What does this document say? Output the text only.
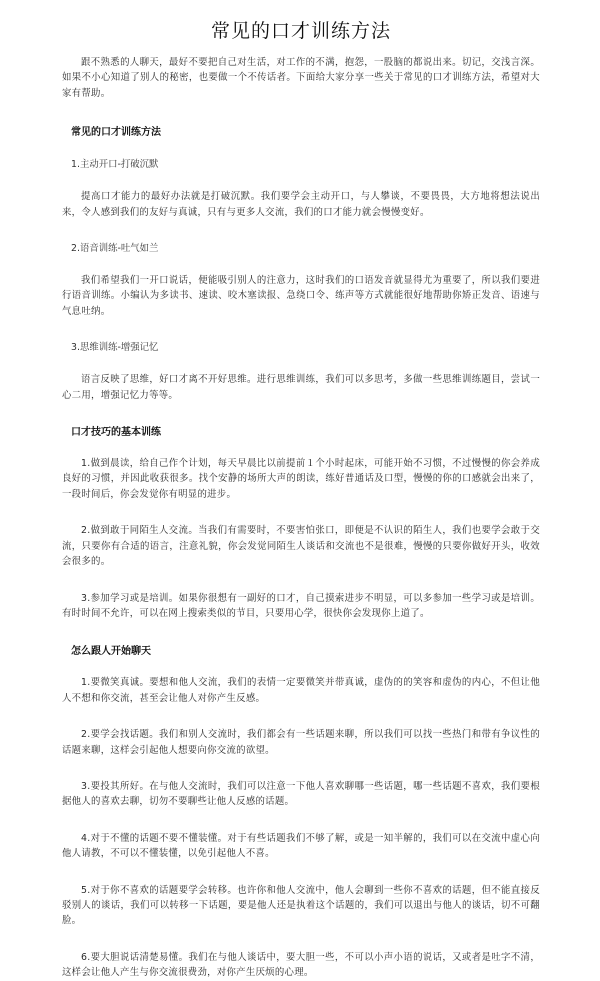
常见的口才训练方法

跟不熟悉的人聊天，最好不要把自己对生活，对工作的不满，抱怨，一股脑的都说出来。切记，交浅言深。如果不小心知道了别人的秘密，也要做一个不传话者。下面给大家分享一些关于常见的口才训练方法，希望对大家有帮助。

常见的口才训练方法
1.主动开口-打破沉默

提高口才能力的最好办法就是打破沉默。我们要学会主动开口，与人攀谈，不要畏畏，大方地将想法说出来，令人感到我们的友好与真诚，只有与更多人交流，我们的口才能力就会慢慢变好。

2.语音训练-吐气如兰

我们希望我们一开口说话，便能吸引别人的注意力，这时我们的口语发音就显得尤为重要了，所以我们要进行语音训练。小编认为多读书、速读、咬木塞读报、急绕口令、练声等方式就能很好地帮助你矫正发音、语速与气息吐纳。

3.思维训练-增强记忆

语言反映了思维，好口才离不开好思维。进行思维训练，我们可以多思考，多做一些思维训练题目，尝试一心二用，增强记忆力等等。

口才技巧的基本训练

1.做到晨读，给自己作个计划，每天早晨比以前提前１个小时起床，可能开始不习惯，不过慢慢的你会养成良好的习惯，并因此收获很多。找个安静的场所大声的朗读，练好普通话及口型，慢慢的你的口感就会出来了，一段时间后，你会发觉你有明显的进步。

2.做到敢于同陌生人交流。当我们有需要时，不要害怕张口，即便是不认识的陌生人，我们也要学会敢于交流，只要你有合适的语言，注意礼貌，你会发觉同陌生人谈话和交流也不是很难，慢慢的只要你做好开头，收效会很多的。

3.参加学习或是培训。如果你很想有一副好的口才，自己摸索进步不明显，可以多参加一些学习或是培训。有时时间不允许，可以在网上搜索类似的节目，只要用心学，很快你会发现你上道了。

怎么跟人开始聊天

1.要微笑真诚。要想和他人交流，我们的表情一定要微笑并带真诚，虚伪的的笑容和虚伪的内心，不但让他人不想和你交流，甚至会让他人对你产生反感。

2.要学会找话题。我们和别人交流时，我们都会有一些话题来聊，所以我们可以找一些热门和带有争议性的话题来聊，这样会引起他人想要向你交流的欲望。

3.要投其所好。在与他人交流时，我们可以注意一下他人喜欢聊哪一些话题，哪一些话题不喜欢，我们要根据他人的喜欢去聊，切勿不要聊些让他人反感的话题。

4.对于不懂的话题不要不懂装懂。对于有些话题我们不够了解，或是一知半解的，我们可以在交流中虚心向他人请教，不可以不懂装懂，以免引起他人不喜。

5.对于你不喜欢的话题要学会转移。也许你和他人交流中，他人会聊到一些你不喜欢的话题，但不能直接反驳别人的谈话，我们可以转移一下话题，要是他人还是执着这个话题的，我们可以退出与他人的谈话，切不可翻脸。

6.要大胆说话清楚易懂。我们在与他人谈话中，要大胆一些，不可以小声小语的说话，又或者是吐字不清，这样会让他人产生与你交流很费劲，对你产生厌烦的心理。
